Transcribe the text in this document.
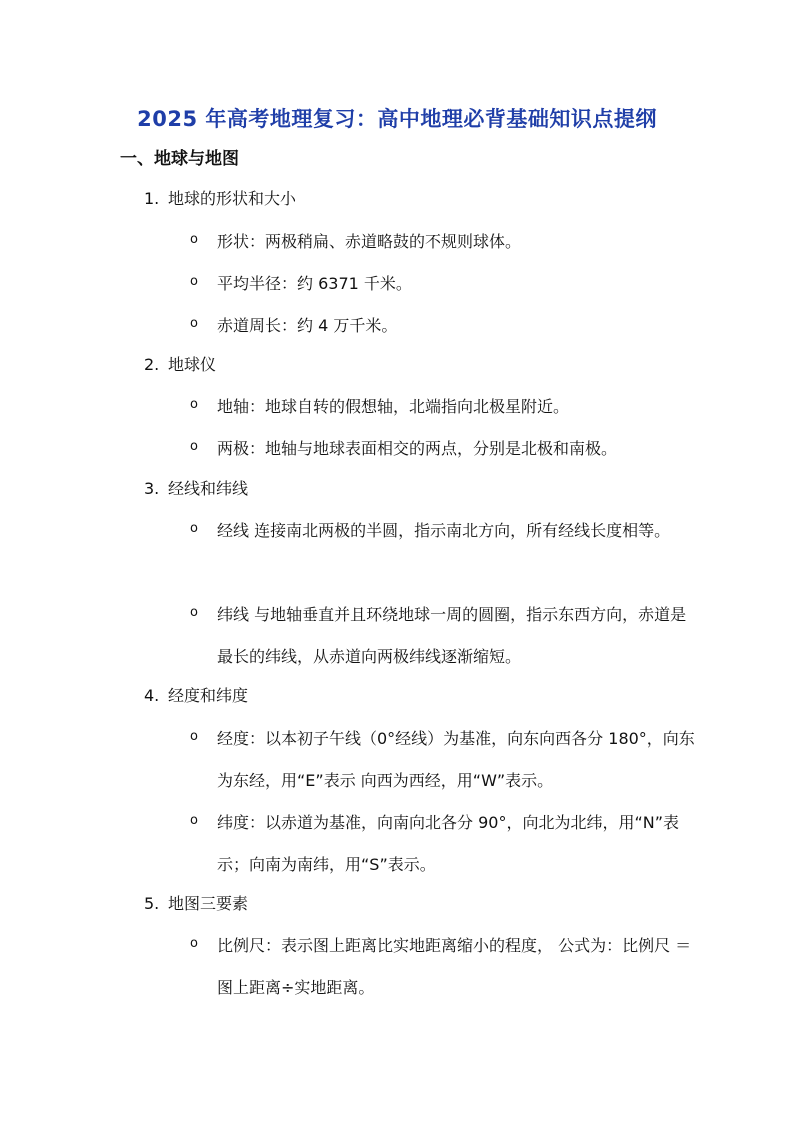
2025 年高考地理复习：高中地理必背基础知识点提纲
一、地球与地图
1. 地球的形状和大小
o 形状：两极稍扁、赤道略鼓的不规则球体。
o 平均半径：约 6371 千米。
o 赤道周长：约 4 万千米。
2. 地球仪
o 地轴：地球自转的假想轴，北端指向北极星附近。
o 两极：地轴与地球表面相交的两点，分别是北极和南极。
3. 经线和纬线
o 经线 连接南北两极的半圆，指示南北方向，所有经线长度相等。
o 纬线 与地轴垂直并且环绕地球一周的圆圈，指示东西方向，赤道是最长的纬线，从赤道向两极纬线逐渐缩短。
4. 经度和纬度
o 经度：以本初子午线（0°经线）为基准，向东向西各分 180°，向东为东经，用“E”表示 向西为西经，用“W”表示。
o 纬度：以赤道为基准，向南向北各分 90°，向北为北纬，用“N”表示；向南为南纬，用“S”表示。
5. 地图三要素
o 比例尺：表示图上距离比实地距离缩小的程度， 公式为：比例尺 ＝ 图上距离÷实地距离。
